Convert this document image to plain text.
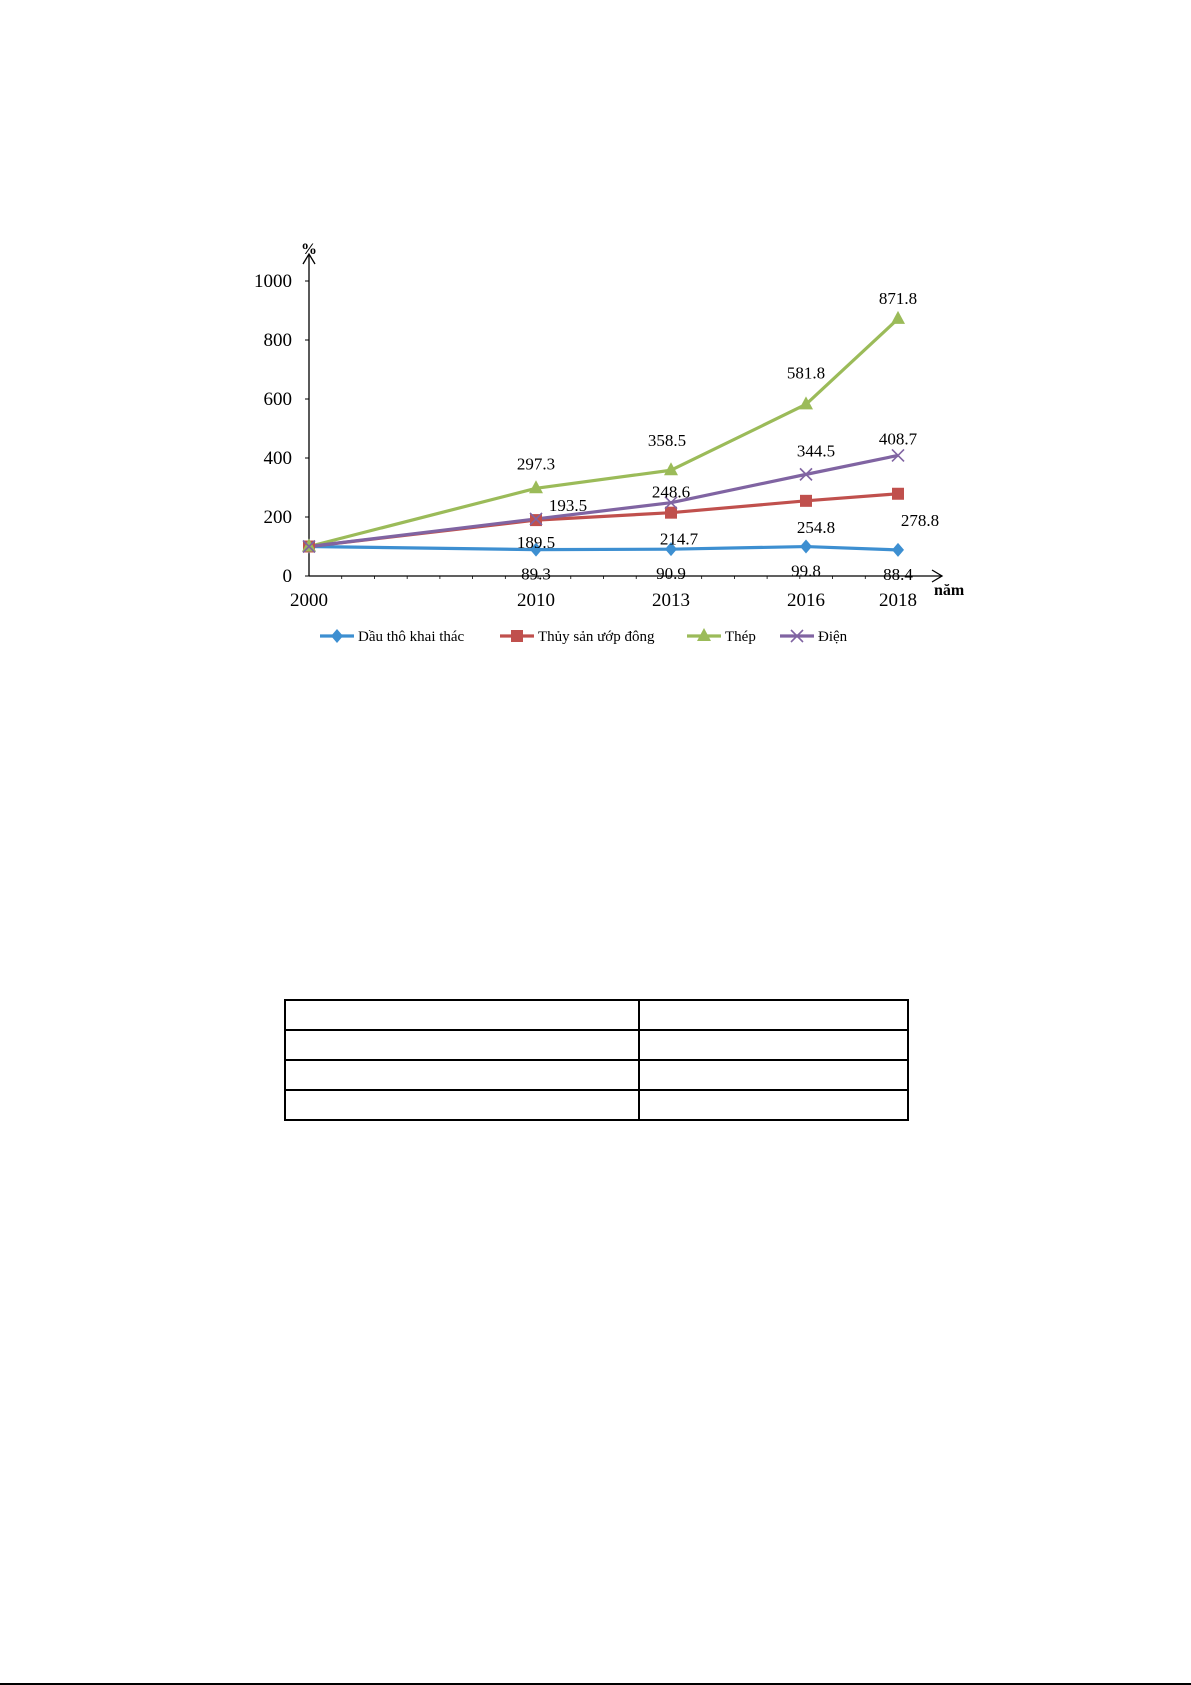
%
năm
0
200
400
600
800
1000
2000	2010	2013	2016	2018
89.3	90.9	99.8	88.4
189.5	214.7
254.8	278.8
297.3
358.5
581.8
871.8
193.5
248.6
344.5
408.7
Dầu thô khai thác	Thủy sản ướp đông	Thép	Điện
